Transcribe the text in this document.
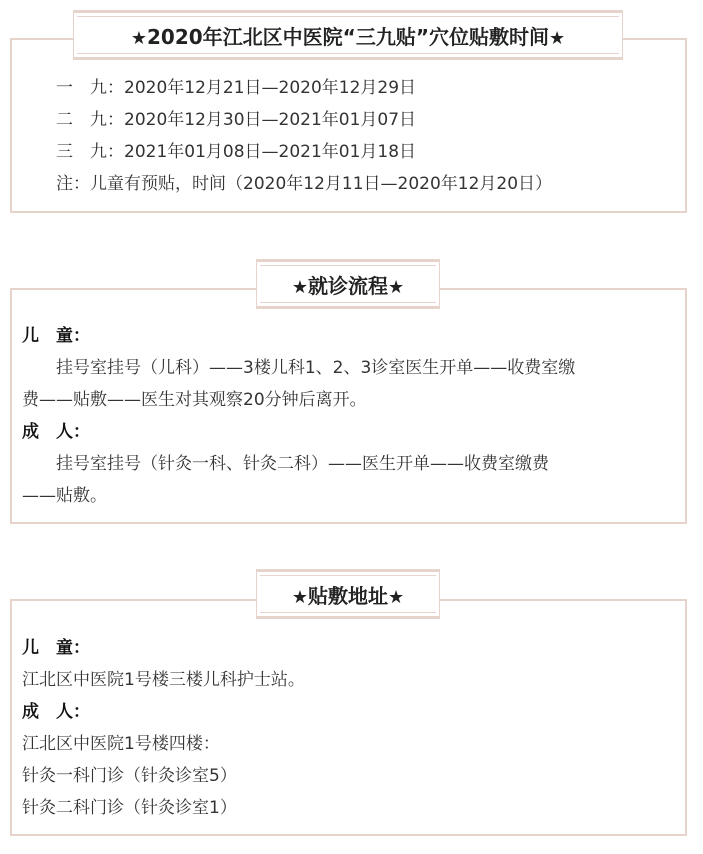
★2020年江北区中医院“三九贴”穴位贴敷时间★
一　九：2020年12月21日—2020年12月29日
二　九：2020年12月30日—2021年01月07日
三　九：2021年01月08日—2021年01月18日
注：儿童有预贴，时间（2020年12月11日—2020年12月20日）
★就诊流程★
儿　童：
挂号室挂号（儿科）——3楼儿科1、2、3诊室医生开单——收费室缴
费——贴敷——医生对其观察20分钟后离开。
成　人：
挂号室挂号（针灸一科、针灸二科）——医生开单——收费室缴费
——贴敷。
★贴敷地址★
儿　童：
江北区中医院1号楼三楼儿科护士站。
成　人：
江北区中医院1号楼四楼：
针灸一科门诊（针灸诊室5）
针灸二科门诊（针灸诊室1）
